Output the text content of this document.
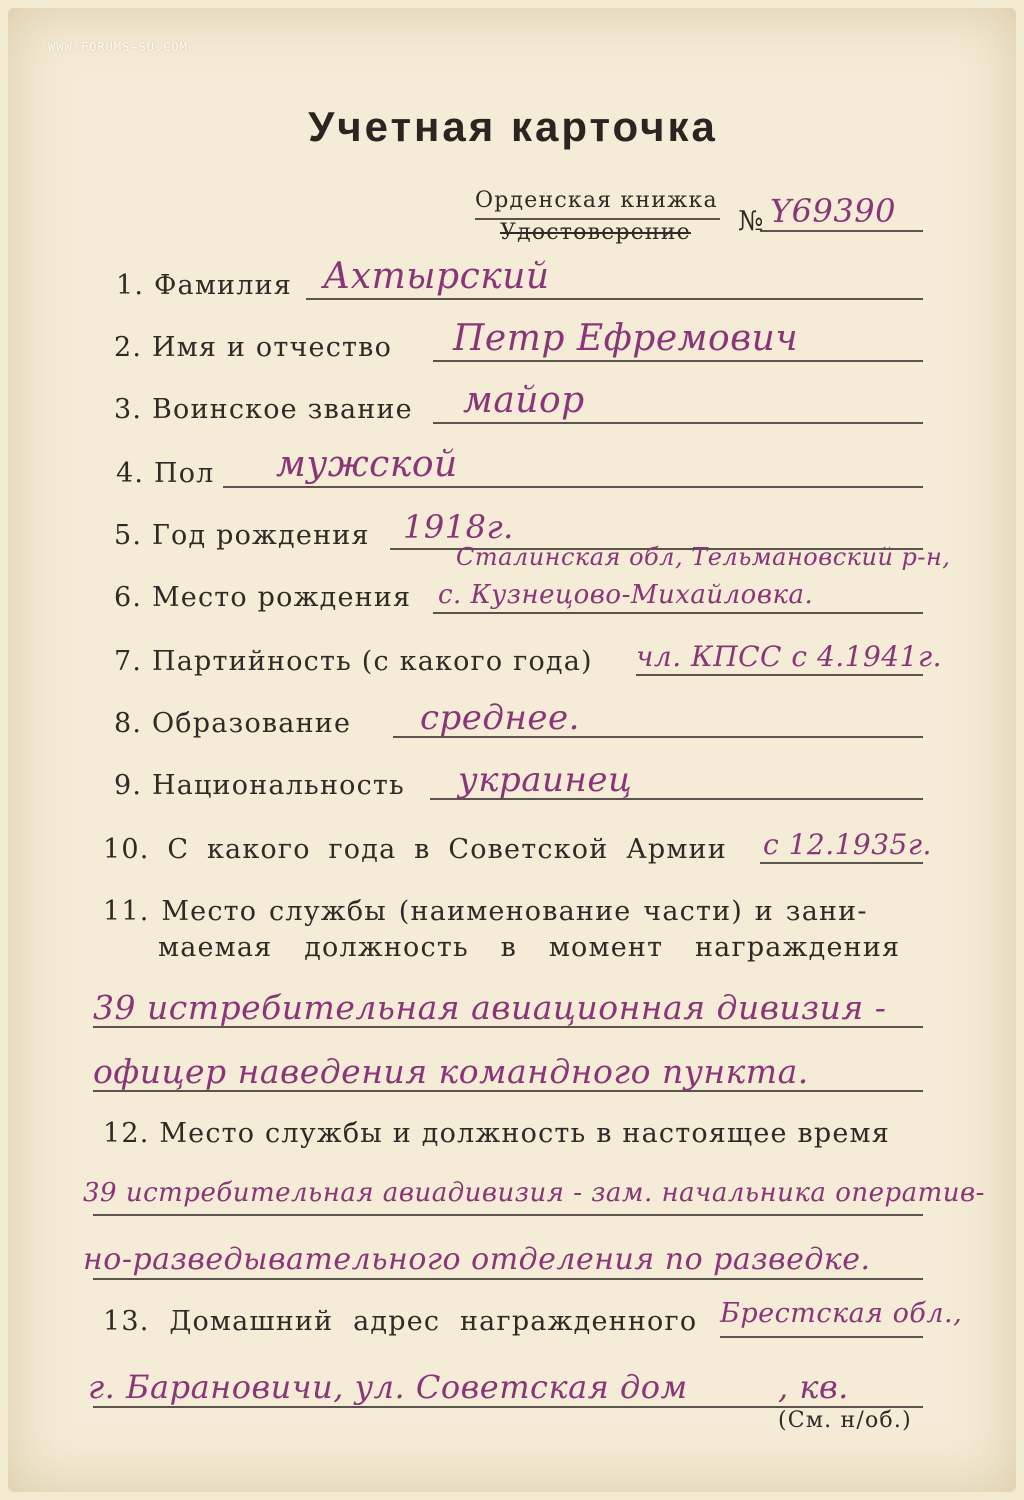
WWW.FORUMS-SU.COM
Учетная карточка
Орденская книжка
Удостоверение № Y69390
1. Фамилия Ахтырский
2. Имя и отчество Петр Ефремович
3. Воинское звание майор
4. Пол мужской
5. Год рождения 1918г.
6. Место рождения
Сталинская обл, Тельмановский р-н,
с. Кузнецово-Михайловка.
7. Партийность (с какого года) чл. КПСС с 4.1941г.
8. Образование среднее.
9. Национальность украинец
10. С какого года в Советской Армии с 12.1935г.
11. Место службы (наименование части) и зани-
маемая должность в момент награждения
39 истребительная авиационная дивизия -
офицер наведения командного пункта.
12. Место службы и должность в настоящее время
39 истребительная авиадивизия - зам. начальника оператив-
но-разведывательного отделения по разведке.
13. Домашний адрес награжденного Брестская обл.,
г. Барановичи, ул. Советская дом	, кв.
(См. н/об.)
